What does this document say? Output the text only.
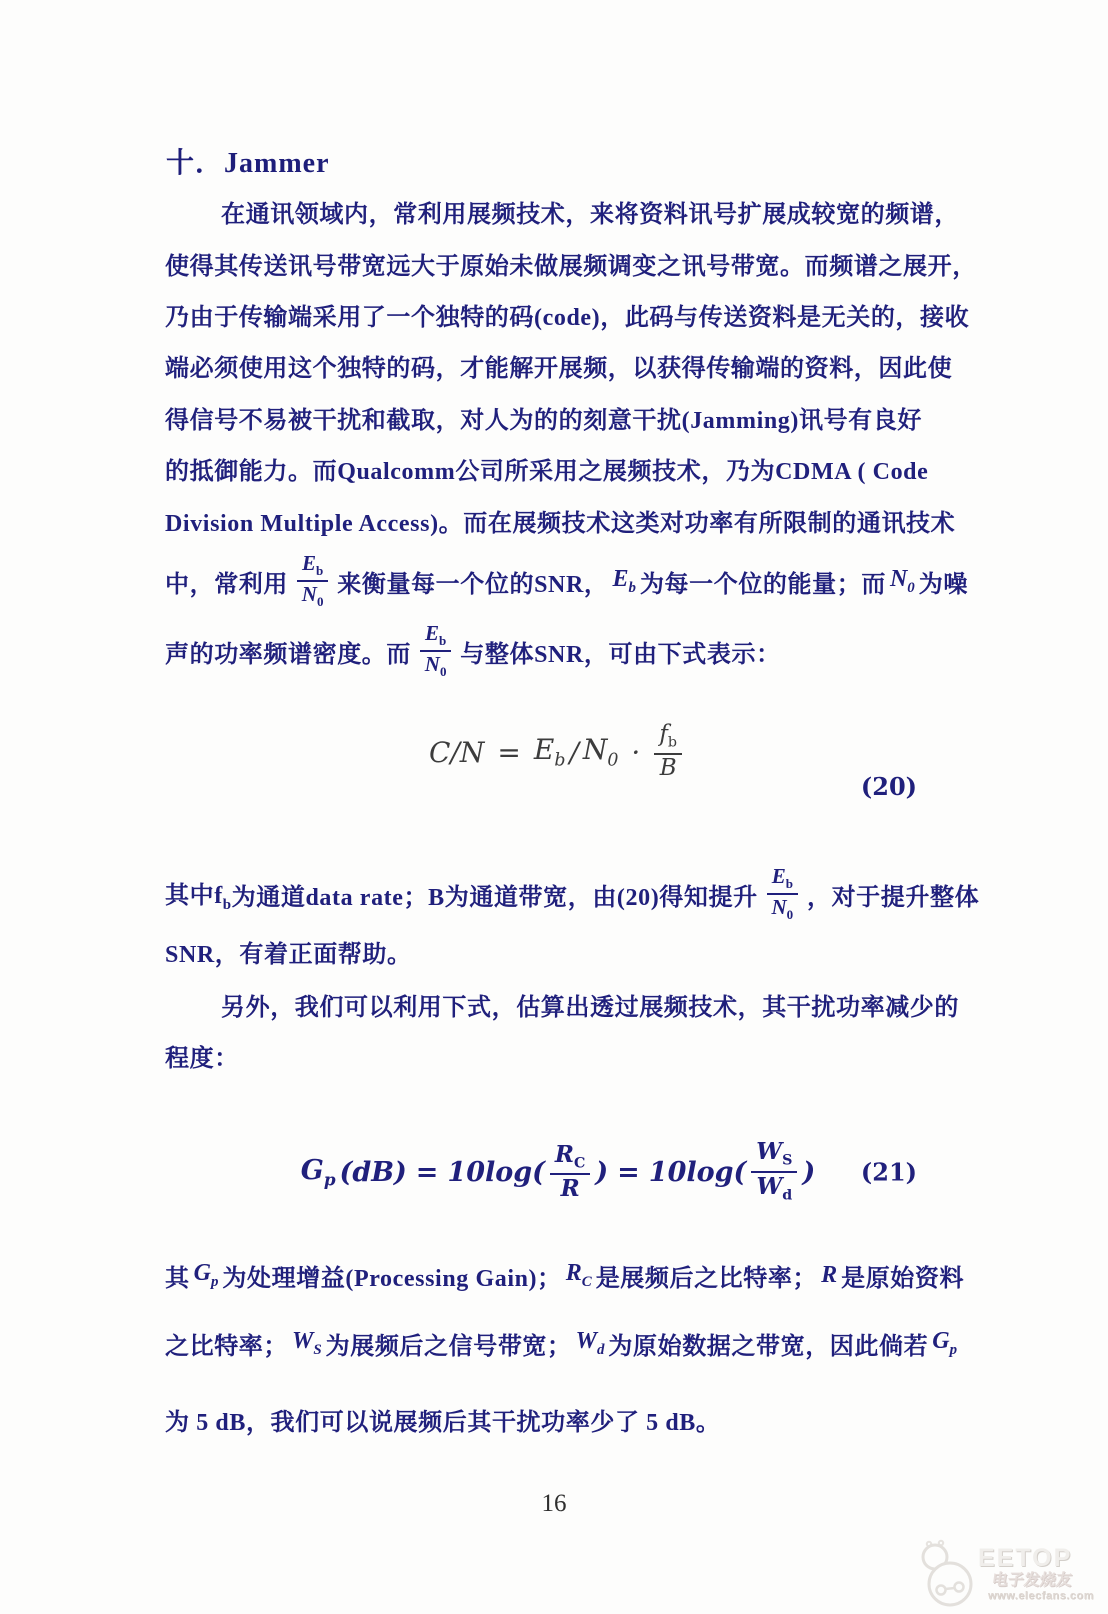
十．Jammer
在通讯领域内，常利用展频技术，来将资料讯号扩展成较宽的频谱，
使得其传送讯号带宽远大于原始未做展频调变之讯号带宽。而频谱之展开，
乃由于传输端采用了一个独特的码(code)，此码与传送资料是无关的，接收
端必须使用这个独特的码，才能解开展频，以获得传输端的资料，因此使
得信号不易被干扰和截取，对人为的的刻意干扰(Jamming)讯号有良好
的抵御能力。而Qualcomm公司所采用之展频技术，乃为CDMA ( Code
Division Multiple Access)。而在展频技术这类对功率有所限制的通讯技术
中，常利用 $\frac{E_b}{N_0}$ 来衡量每一个位的SNR， $E_b$ 为每一个位的能量；而 $N_0$ 为噪
声的功率频谱密度。而 $\frac{E_b}{N_0}$ 与整体SNR，可由下式表示：
$C/N = E_b / N_0 \cdot \frac{f_b}{B}$
(20)
其中$f_b$ 为通道data rate；B为通道带宽，由(20)得知提升 $\frac{E_b}{N_0}$ ，对于提升整体
SNR，有着正面帮助。
另外，我们可以利用下式，估算出透过展频技术，其干扰功率减少的
程度：
$G_p$ $(dB) = 10\log( \frac{R_C}{R}$ ) = $10\log( \frac{W_S}{W_d}$ ) (21)
其 $G_p$ 为处理增益(Processing Gain)； $R_C$ 是展频后之比特率； R 是原始资料
之比特率； $W_S$ 为展频后之信号带宽； $W_d$ 为原始数据之带宽，因此倘若 $G_p$
为 5 dB，我们可以说展频后其干扰功率少了 5 dB。
16
EETOP
电子发烧友
www.elecfans.com
